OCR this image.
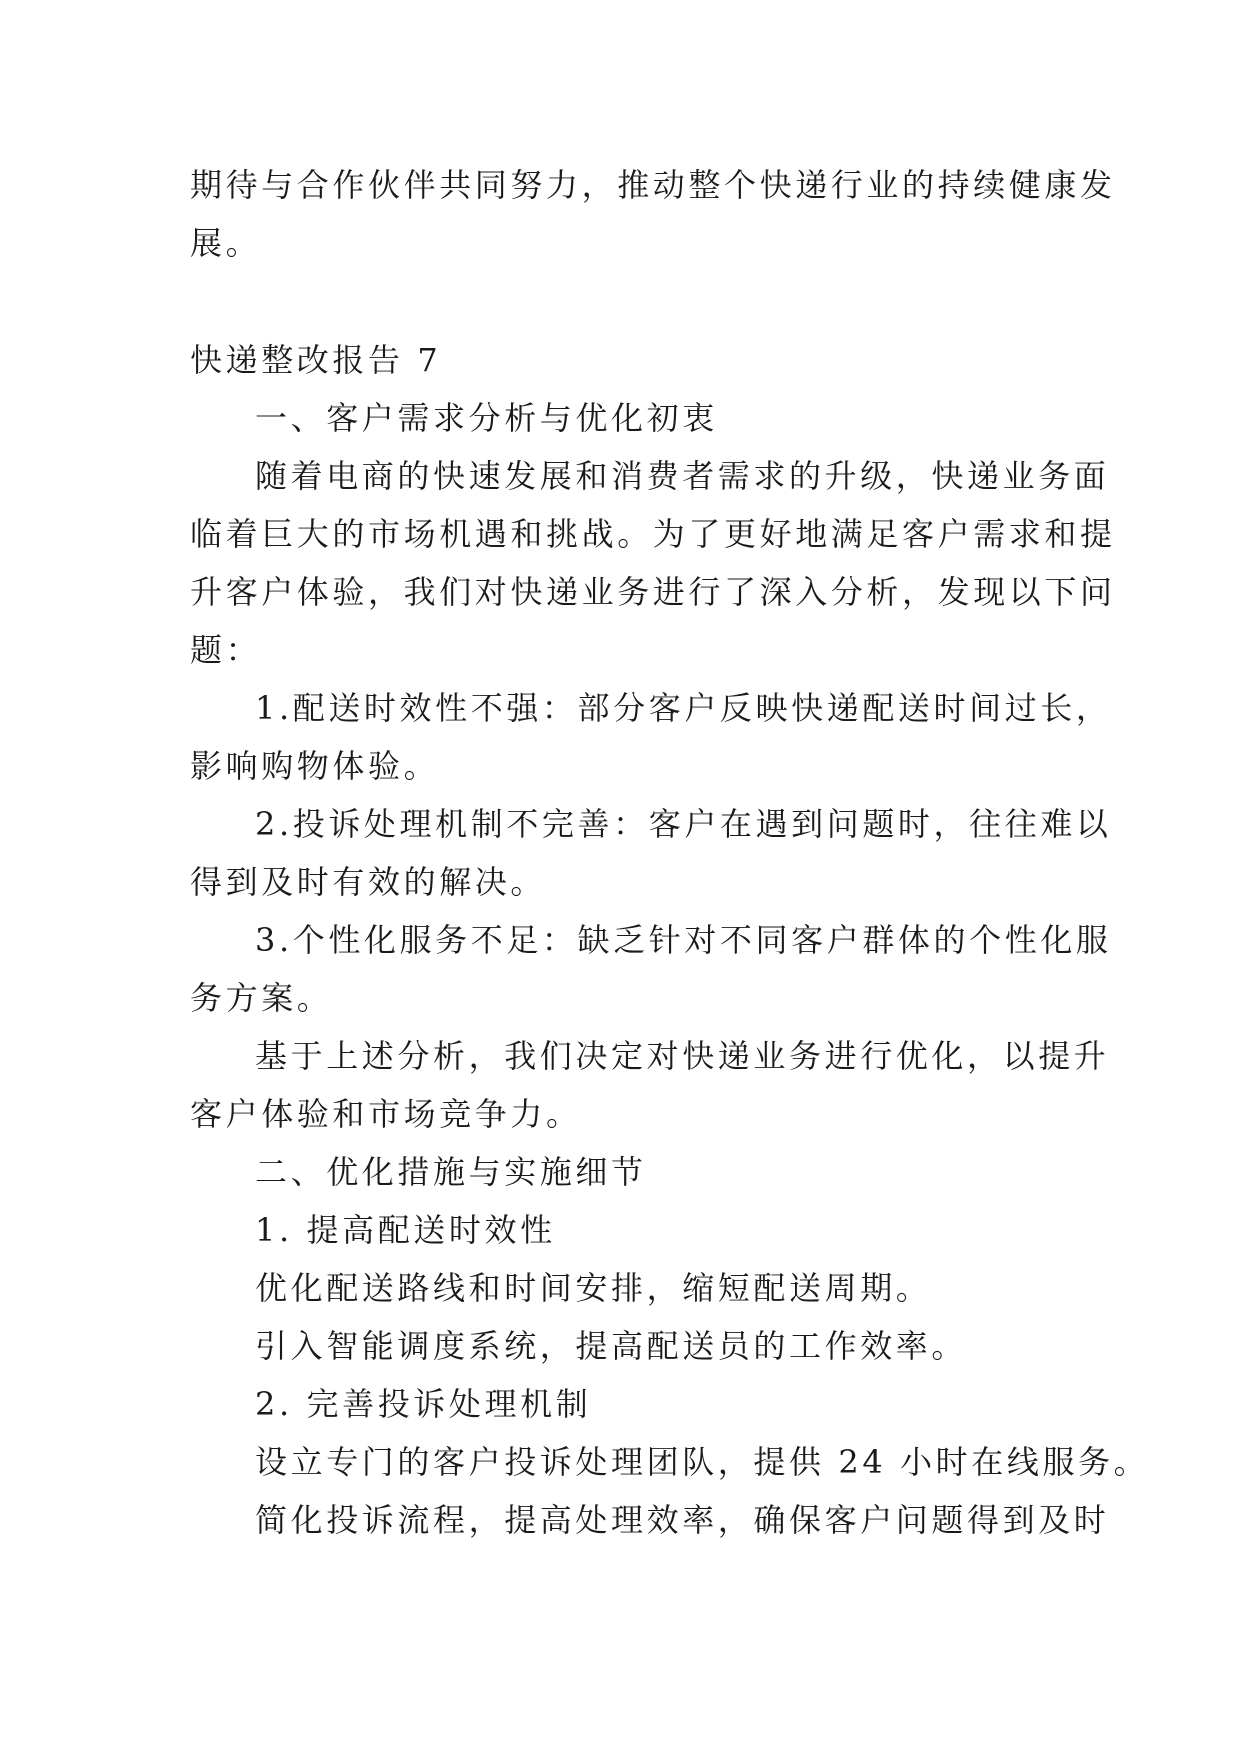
期待与合作伙伴共同努力，推动整个快递行业的持续健康发
展。
快递整改报告 7
一、客户需求分析与优化初衷
随着电商的快速发展和消费者需求的升级，快递业务面
临着巨大的市场机遇和挑战。为了更好地满足客户需求和提
升客户体验，我们对快递业务进行了深入分析，发现以下问
题：
1.配送时效性不强：部分客户反映快递配送时间过长，
影响购物体验。
2.投诉处理机制不完善：客户在遇到问题时，往往难以
得到及时有效的解决。
3.个性化服务不足：缺乏针对不同客户群体的个性化服
务方案。
基于上述分析，我们决定对快递业务进行优化，以提升
客户体验和市场竞争力。
二、优化措施与实施细节
1. 提高配送时效性
优化配送路线和时间安排，缩短配送周期。
引入智能调度系统，提高配送员的工作效率。
2. 完善投诉处理机制
设立专门的客户投诉处理团队，提供 24 小时在线服务。
简化投诉流程，提高处理效率，确保客户问题得到及时
